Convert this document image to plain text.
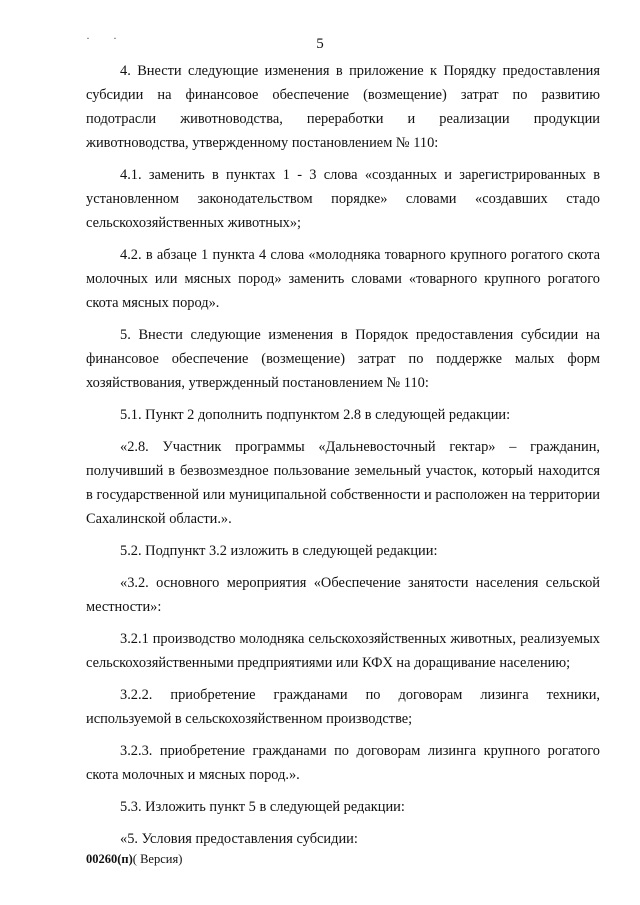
· ·	5

4. Внести следующие изменения в приложение к Порядку предоставления субсидии на финансовое обеспечение (возмещение) затрат по развитию подотрасли животноводства, переработки и реализации продукции животноводства, утвержденному постановлением № 110:

4.1. заменить в пунктах 1 - 3 слова «созданных и зарегистрированных в установленном законодательством порядке» словами «создавших стадо сельскохозяйственных животных»;

4.2. в абзаце 1 пункта 4 слова «молодняка товарного крупного рогатого скота молочных или мясных пород» заменить словами «товарного крупного рогатого скота мясных пород».

5. Внести следующие изменения в Порядок предоставления субсидии на финансовое обеспечение (возмещение) затрат по поддержке малых форм хозяйствования, утвержденный постановлением № 110:

5.1. Пункт 2 дополнить подпунктом 2.8 в следующей редакции:

«2.8. Участник программы «Дальневосточный гектар» – гражданин, получивший в безвозмездное пользование земельный участок, который находится в государственной или муниципальной собственности и расположен на территории Сахалинской области.».

5.2. Подпункт 3.2 изложить в следующей редакции:

«3.2. основного мероприятия «Обеспечение занятости населения сельской местности»:

3.2.1 производство молодняка сельскохозяйственных животных, реализуемых сельскохозяйственными предприятиями или КФХ на доращивание населению;

3.2.2. приобретение гражданами по договорам лизинга техники, используемой в сельскохозяйственном производстве;

3.2.3. приобретение гражданами по договорам лизинга крупного рогатого скота молочных и мясных пород.».

5.3. Изложить пункт 5 в следующей редакции:

«5. Условия предоставления субсидии:

00260(п)( Версия)
